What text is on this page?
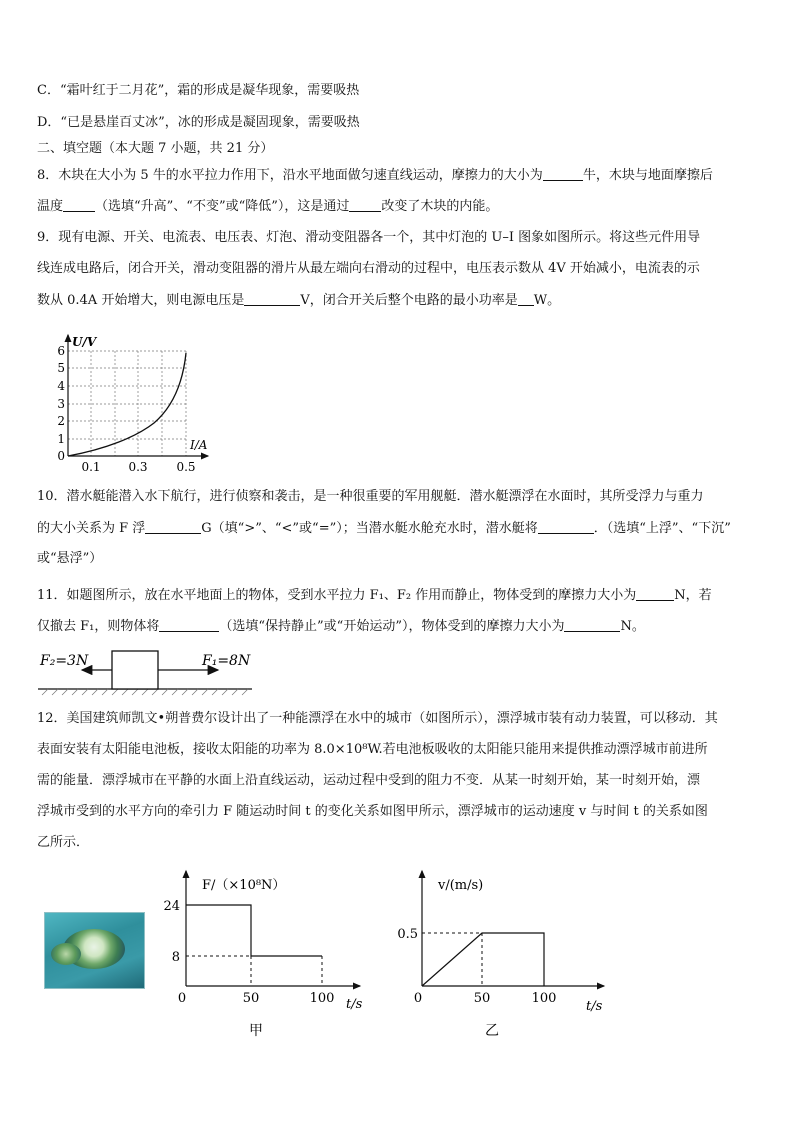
C．“霜叶红于二月花”，霜的形成是凝华现象，需要吸热
D．“已是悬崖百丈冰”，冰的形成是凝固现象，需要吸热
二、填空题（本大题 7 小题，共 21 分）
8．木块在大小为 5 牛的水平拉力作用下，沿水平地面做匀速直线运动，摩擦力的大小为	牛，木块与地面摩擦后
温度 （选填“升高”、“不变”或“降低”），这是通过 改变了木块的内能。
9．现有电源、开关、电流表、电压表、灯泡、滑动变阻器各一个，其中灯泡的 U–I 图象如图所示。将这些元件用导
线连成电路后，闭合开关，滑动变阻器的滑片从最左端向右滑动的过程中，电压表示数从 4V 开始减小，电流表的示
数从 0.4A 开始增大，则电源电压是	V，闭合开关后整个电路的最小功率是 W。
U/V
I/A
0
1
2
3
4
5
6
0.1 0.3 0.5
10．潜水艇能潜入水下航行，进行侦察和袭击，是一种很重要的军用舰艇．潜水艇漂浮在水面时，其所受浮力与重力
的大小关系为 F 浮	G（填“>”、“<”或“=”）；当潜水艇水舱充水时，潜水艇将	．（选填“上浮”、“下沉”
或“悬浮”）
11．如题图所示，放在水平地面上的物体，受到水平拉力 F₁、F₂ 作用而静止，物体受到的摩擦力大小为	N，若
仅撤去 F₁，则物体将	（选填“保持静止”或“开始运动”），物体受到的摩擦力大小为	N。
F₂=3N	F₁=8N
12．美国建筑师凯文•朔普费尔设计出了一种能漂浮在水中的城市（如图所示），漂浮城市装有动力装置，可以移动．其
表面安装有太阳能电池板，接收太阳能的功率为 8.0×10⁸W.若电池板吸收的太阳能只能用来提供推动漂浮城市前进所
需的能量．漂浮城市在平静的水面上沿直线运动，运动过程中受到的阻力不变．从某一时刻开始，某一时刻开始，漂
浮城市受到的水平方向的牵引力 F 随运动时间 t 的变化关系如图甲所示，漂浮城市的运动速度 v 与时间 t 的关系如图
乙所示．
F/（×10⁸N）
t/s
24
8
0	50	100
甲
v/(m/s)
t/s
0.5
0	50	100
乙
